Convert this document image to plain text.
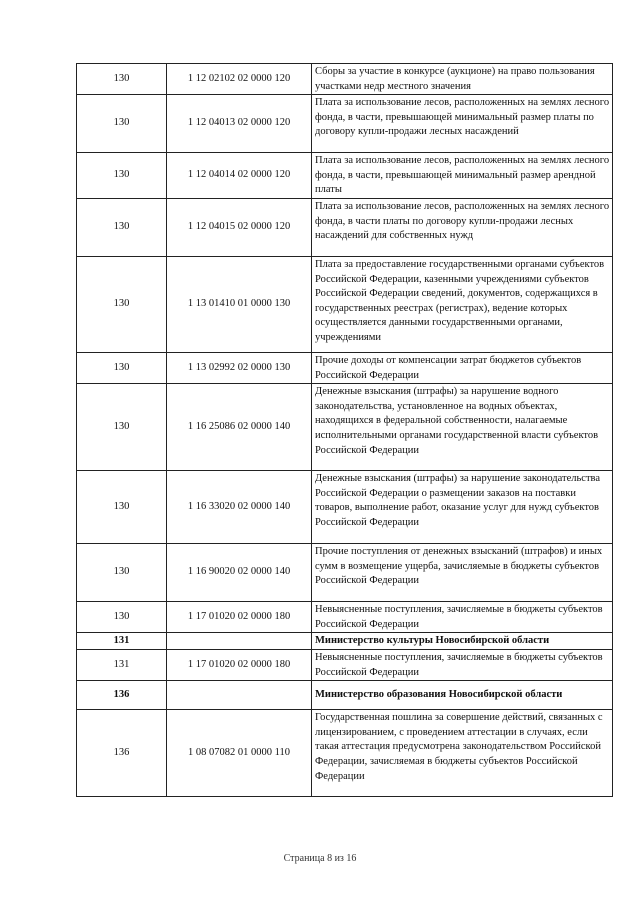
130	1 12 02102 02 0000 120	Сборы за участие в конкурсе (аукционе) на право пользования участками недр местного значения
130	1 12 04013 02 0000 120	Плата за использование лесов, расположенных на землях лесного фонда, в части, превышающей минимальный размер платы по договору купли-продажи лесных насаждений
130	1 12 04014 02 0000 120	Плата за использование лесов, расположенных на землях лесного фонда, в части, превышающей минимальный размер арендной платы
130	1 12 04015 02 0000 120	Плата за использование лесов, расположенных на землях лесного фонда, в части платы по договору купли-продажи лесных насаждений для собственных нужд
130	1 13 01410 01 0000 130	Плата за предоставление государственными органами субъектов Российской Федерации, казенными учреждениями субъектов Российской Федерации сведений, документов, содержащихся в государственных реестрах (регистрах), ведение которых осуществляется данными государственными органами, учреждениями
130	1 13 02992 02 0000 130	Прочие доходы от компенсации затрат бюджетов субъектов Российской Федерации
130	1 16 25086 02 0000 140	Денежные взыскания (штрафы) за нарушение водного законодательства, установленное на водных объектах, находящихся в федеральной собственности, налагаемые исполнительными органами государственной власти субъектов Российской Федерации
130	1 16 33020 02 0000 140	Денежные взыскания (штрафы) за нарушение законодательства Российской Федерации о размещении заказов на поставки товаров, выполнение работ, оказание услуг для нужд субъектов Российской Федерации
130	1 16 90020 02 0000 140	Прочие поступления от денежных взысканий (штрафов) и иных сумм в возмещение ущерба, зачисляемые в бюджеты субъектов Российской Федерации
130	1 17 01020 02 0000 180	Невыясненные поступления, зачисляемые в бюджеты субъектов Российской Федерации
131		Министерство культуры Новосибирской области
131	1 17 01020 02 0000 180	Невыясненные поступления, зачисляемые в бюджеты субъектов Российской Федерации
136		Министерство образования Новосибирской области
136	1 08 07082 01 0000 110	Государственная пошлина за совершение действий, связанных с лицензированием, с проведением аттестации в случаях, если такая аттестация предусмотрена законодательством Российской Федерации, зачисляемая в бюджеты субъектов Российской Федерации
Страница 8 из 16
